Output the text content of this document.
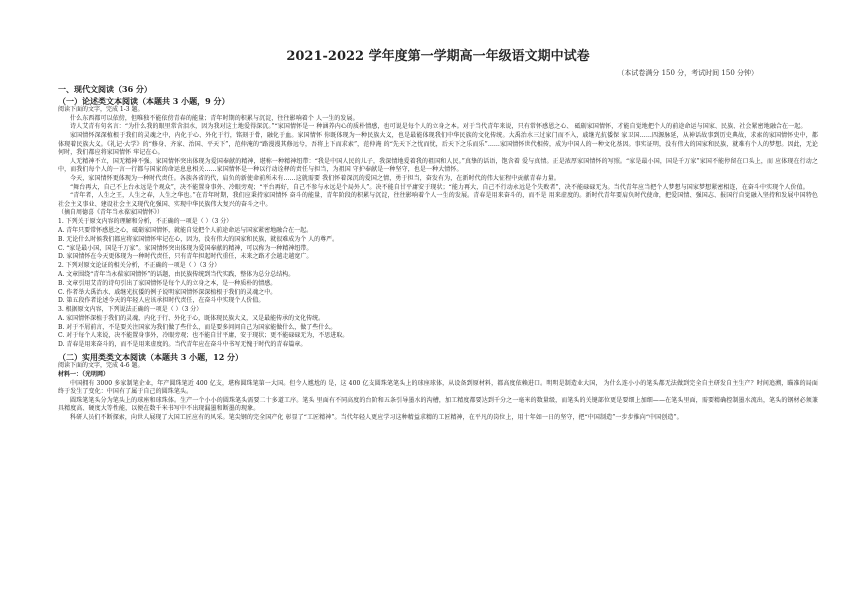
2021-2022 学年度第一学期高一年级语文期中试卷
（本试卷满分 150 分，考试时间 150 分钟）
一、现代文阅读（36 分）
（一）论述类文本阅读（本题共 3 小题，9 分）

阅读下面的文字，完成 1-3 题。

什么东西都可以依傍，但唯独不能依傍青春的能量；青年时期的积累与沉淀，往往影响着个 人一生的发展。

诗人艾青有句名言：“为什么我的眼里常含泪水，因为我对这土地爱得深沉。”“家国情怀是一 种涵养内心的质朴情感，也可说是每个人的立身之本。对于当代青年来说，只有常怀感恩之心、 砥砺家国情怀，才能自觉地把个人的前途命运与国家、民族、社会紧密地融合在一起。

家国情怀深深植根于我们的灵魂之中，内化于心、外化于行，铭刻于骨，融化于血。家国情怀 你既体现为一种民族大义，也是最能体现我们中华民族的文化传统。大禹治水三过家门而不入，戚继光抗倭保 家卫国……四源脉延，从神话故事到历史典故，求索的家国情怀史中，都体现着民族大义。《礼记·大学》的“修身、齐家、治国、平天下”，范仲淹的“路漫漫其修远兮，吾将上下而求索”，范仲淹 的“先天下之忧而忧，后天下之乐而乐”……家国情怀世代相传，成为中国人的一种文化基因。事实证明，没有伟大的国家和民族，就难有个人的梦想。因此，无论何时，我们都应将家国情怀 牢记在心。

人无精神不立，国无精神不强。家国情怀突出体现为爱国奉献的精神，堪称一种精神纽带：“我是中国人民的儿子，我深情地爱着我的祖国和人民。”真挚的话语，饱含着 爱与真情。正是浓厚家国情怀的写照。“家是最小国，国是千万家”家国不能停留在口头上，而 应体现在行动之中，而我们每个人的一言一行都与国家的命运息息相关……家国情怀是一种以行动诠释的责任与担当，为祖国 守护奉献是一种坚守，也是一种大情怀。

今天，家国情怀更体现为一种时代责任。各族各省的代，肩负的新使命前所未有……这就需要 我们怀着深沉的爱国之情，勇于担当，奋发有为，在新时代的伟大征程中贡献青春力量。

“舞台再大，自己不上台永远是个观众”，决不能置身事外、冷眼旁观；“平台再好，自己不参与永远是个局外人”。决不能自甘平庸安于现状；“能力再大，自己不行动永远是个失败者”，决不能碌碌无为。当代青年应当把个人梦想与国家梦想紧密相连，在奋斗中实现个人价值。

“青年者，人生之王，人生之春，人生之华也。”在青年时期，我们应秉持家国情怀 奋斗的能量，青年阶段的积累与沉淀，往往影响着个人一生的发展。青春是用来奋斗的，而不是 用来虚度的。新时代青年要肩负时代使命，把爱国情、强国志、报国行自觉融入坚持和发展中国特色社会主义事业、建设社会主义现代化强国、实现中华民族伟大复兴的奋斗之中。

（摘自周德喜《青年当永葆家国情怀》）

1. 下列关于原文内容的理解和分析，不正确的一项是（ ）（3 分）

A. 青年只要常怀感恩之心，砥砺家国情怀，就能自觉把个人前途命运与国家紧密地融合在一起。

B. 无论什么时候我们都应将家国情怀牢记在心，因为，没有伟大的国家和民族，就很难成为个 人的尊严。

C. “家是最小国，国是千万家”。家国情怀突出体现为爱国奉献的精神，可以称为一种精神纽带。

D. 家国情怀在今天更体现为一种时代责任，只有青年担起时代重任，未来之路才会越走越宽广。

2. 下列对原文论证的相关分析，不正确的一项是（ ）（3 分）

A. 文章围绕“青年当永葆家国情怀”的话题，由民族传统到当代实践，整体为总分总结构。

B. 文章引用艾青的诗句引出了家国情怀是每个人的立身之本，是一种质朴的情感。

C. 作者举大禹治水、戚继光抗倭的例子说明家国情怀深深植根于我们的灵魂之中。

D. 第五段作者论述今天的年轻人应该承担时代责任，在奋斗中实现个人价值。

3. 根据原文内容，下列说法正确的一项是（ ）（3 分）

A. 家国情怀深植于我们的灵魂，内化于行、外化于心，既体现民族大义，又是最能传承的文化传统。

B. 对于不屑前言，不是要关注国家为我们做了些什么，而是要多问问自己为国家能做什么，做了些什么。

C. 对于每个人来说，决不能置身事外，冷眼旁观；也不能自甘平庸，安于现状；更不能碌碌无为，不思进取。

D. 青春是用来奋斗的，而不是用来虚度的。当代青年应在奋斗中书写无愧于时代的青春篇章。

（二）实用类类文本阅读（本题共 3 小题，12 分）

阅读下面的文字，完成 4-6 题。

材料一：（光明网）

中国拥有 3000 多家制笔企业，年产圆珠笔近 400 亿支，堪称圆珠笔第一大国。但令人尴尬的 是，这 400 亿支圆珠笔笔头上的球座球体，从设备到原材料，都高度依赖进口。明明是制造业大国， 为什么连小小的笔头都无法做到完全自主研发自主生产？时间追溯，瞄准的局面终于发生了变化：中国有了属于自己的圆珠笔头。

圆珠笔笔头分为笔头上的球座和球珠体。生产一个小小的圆珠笔头需要二十多道工序。笔头 里面有不同高度的台阶和五条引导墨水的沟槽，加工精度都要达到千分之一毫米的数量级，而笔头的关键部位更是要细上加细——在笔头里面，需要精确控制墨水流出，笔头的钢材必须兼具精度高、硬度大等性能，以便在数千米书写中不出现漏墨和断墨的现象。

科研人员们不断探索，向世人展现了大国工匠应有的风采。笔尖钢的完全国产化 彰显了“工匠精神”。当代年轻人更应学习这种精益求精的工匠精神，在平凡的岗位上，用十年如一日的坚守，把“中国制造”一步步推向“中国创造”。
